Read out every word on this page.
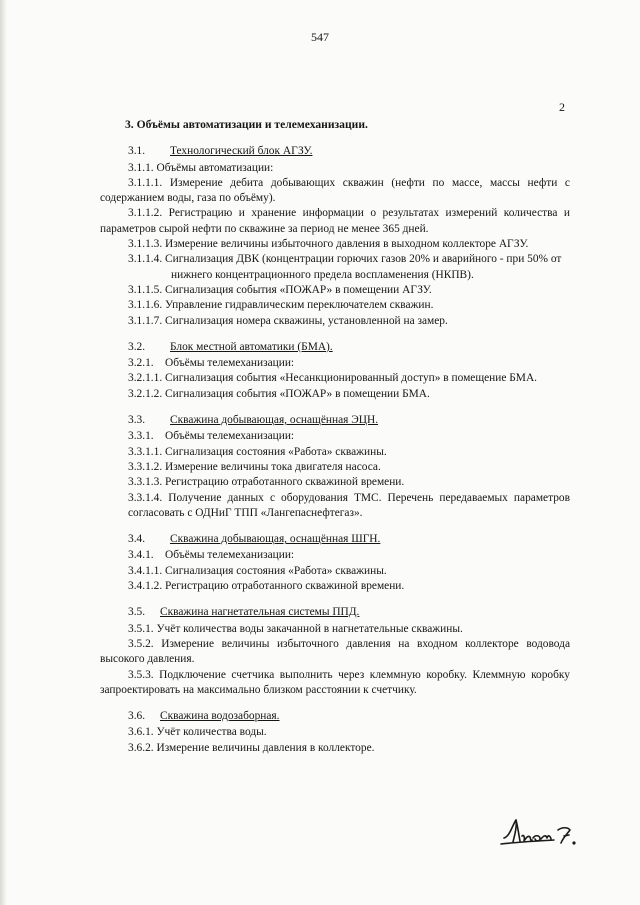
547
2

3. Объёмы автоматизации и телемеханизации.

3.1. Технологический блок АГЗУ.

3.1.1. Объёмы автоматизации:

3.1.1.1. Измерение дебита добывающих скважин (нефти по массе, массы нефти с содержанием воды, газа по объёму).

3.1.1.2. Регистрацию и хранение информации о результатах измерений количества и параметров сырой нефти по скважине за период не менее 365 дней.

3.1.1.3. Измерение величины избыточного давления в выходном коллекторе АГЗУ.

3.1.1.4. Сигнализация ДВК (концентрации горючих газов 20% и аварийного - при 50% от нижнего концентрационного предела воспламенения (НКПВ).

3.1.1.5. Сигнализация события «ПОЖАР» в помещении АГЗУ.

3.1.1.6. Управление гидравлическим переключателем скважин.

3.1.1.7. Сигнализация номера скважины, установленной на замер.

3.2. Блок местной автоматики (БМА).

3.2.1.    Объёмы телемеханизации:

3.2.1.1. Сигнализация события «Несанкционированный доступ» в помещение БМА.

3.2.1.2. Сигнализация события «ПОЖАР» в помещении БМА.

3.3. Скважина добывающая, оснащённая ЭЦН.

3.3.1.    Объёмы телемеханизации:

3.3.1.1. Сигнализация состояния «Работа» скважины.

3.3.1.2. Измерение величины тока двигателя насоса.

3.3.1.3. Регистрацию отработанного скважиной времени.

3.3.1.4. Получение данных с оборудования ТМС. Перечень передаваемых параметров согласовать с ОДНиГ ТПП «Лангепаснефтегаз».

3.4. Скважина добывающая, оснащённая ШГН.

3.4.1.    Объёмы телемеханизации:

3.4.1.1. Сигнализация состояния «Работа» скважины.

3.4.1.2. Регистрацию отработанного скважиной времени.

3.5. Скважина нагнетательная системы ППД.

3.5.1. Учёт количества воды закачанной в нагнетательные скважины.

3.5.2. Измерение величины избыточного давления на входном коллекторе водовода высокого давления.

3.5.3. Подключение счетчика выполнить через клеммную коробку. Клеммную коробку запроектировать на максимально близком расстоянии к счетчику.

3.6. Скважина водозаборная.

3.6.1. Учёт количества воды.

3.6.2. Измерение величины давления в коллекторе.
